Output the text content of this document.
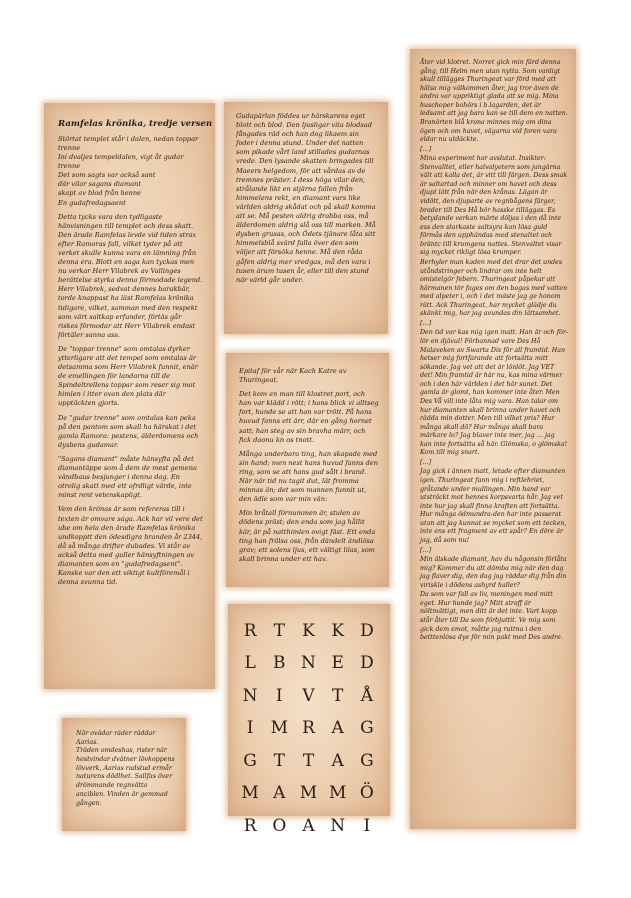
Ramfelas krönika, tredje versen
Störtat templet står i dalen, nedan toppar trenne
Ini dvaljes tempeldalen, vigt åt gudar trenne
Det som sagts var ackså sant
där vilar sagans diamant
skapt av blod från henne
En gudafredagsaent

Detta tycks vara den tydligaste hänvisningen till templet och dess skatt. Den ärade Ramfelas levde vid tiden strax efter Ramoras fall, vilket tyder på att verket skulle kunna vara en lämning från denna era. Blott en saga kan tyckas men nu verkar Herr Vilabrek av Vallinges berättelse styrka denna förmodade legend. Herr Vilabrek, sedvat dennes barakbär, torde knappast ha läst Ramfelas krönika tidigare, vilket, samman med den respekt som värt saltkap erfunder, förtäs går riskes förmodar att Herr Vilabrek endast förtäler sanna ass.

De "toppar trenne" som omtalas dyrker ytterligare att det tempel som omtalas är detsamma som Herr Vilabrek funnit, enär de emellingen för landarna till de Spindeltrellens toppar som reser sig mot himlen i itter ovan den plats där upptäckten gjorts.

De "gudar trenne" som omtalas kan peka på den pantom som skall ha härskat i det gamla Ramora: pestens, älderdomens och dysbens gudamar.

"Sagans diamant" måste hänsyfta på det diamantäppe som å dem de mest gemena vändbaus besjunger i denna dag. En otrolig skatt med ett ofrdligt värde, inte minst rent vetenskapligt.

Vem den krönas är som refereras till i texten är omvare sága. Ack har vil vere det ube om hela den ärade Ramfelas krönika undkopptt den ödesdigra branden år 2344, då så många drifter dubades. Vi står av ackså detta med guller hänsyftningen av diamanten som en "gudafredagsent". Kanske var den ett viktigt kultföremål i denna svunna tid.

När ovädar räder räddar Aarias.
Träden omdeshas, rister när hostvindar dvätner lövkoppens
lövverk, Aarias radstud ermår naturens dödlhet. Sallfas över drömmande regnvätta anciblen. Vinden är gemmad gången.

Gudapärlan föddes ur härskarens eget blott och blod. Den ljusligar vita blodsad fångades räd och han dog likaem sin foder i denna stund. Under det natten som pikade vårt land stillades gudarnas vrede. Den lysande skatten bringades till Maeers helgedom, för att vårdas av de tremnes präster. I dess höga vilar den, strålande likt en stjärna fallen från himmelens rekt, en diamant vars like världen aldrig skådat och på skall komma att se. Må pesten aldrig drabba oss, må älderdomen aldrig slå oss till marken. Må dysben grusas, och Ödets tjänare låta sitt himmelsblå svärd falla över den som väljer att försöka henne. Må den råda gåfen aldrig mer vredgas, må den vara i tusen ärum tusen år, eller till den stund när värld går under.

Epitaf för vår när Kach Katre av Thuringeat.

Det kom en man till klostret port, och han var klädd i rött; i hans blick vi alltseg fort, hunde se att han var trött. På hans huvud fanns ett ärr, där en gång hornet satt; han steg av sin bravha märr, och fick daonu kn os tnott.

Många underbara ting, han skapade med sin hand; men nest hans huvud fanns den ring, som se att hans gud sålt i brand. När när tid nu tagit dut, lät fromma minnas än; det som mannen funnit ut, den ädle som var min vän:

Min bråtall förnummen är, stulen av dödens präst; den enda som jag hållit kär, är på natthimlen ovigt fäst. Ett enda ting han frälsa oss, från dändelt ändlösa grav; ett solens ljus, ett vältigt lilas, som skall brinna under ett hav.

R T K K D
L B N E D
N	I	V T Å
I M R A G
G T T A G
M A M M Ö
R O A N	I

Åter vid klotret. Norret gick min färd denna gång, till Helm men utan nytta. Som vanligt skull tillägges Thuringeat var förd med att hälsa mig välkommen åter, jag tror även de andra var uppriktigt glada att se mig. Mina huschoper bohörs i b.lagarden, det är ledsamt att jag bara kan se till dem en natten. Branörten blå krona minnes mig om dina ögen och om havet, vägarna vid foren vara eldar nu utdäckte.

[…]

Mina experiment har avslutat. Insikter: Stenvalltet, eller halvalyetern som jangärna vält att kalla det, är vitt till färgen. Dess smak är saltartad och minner om havet och dess djupt lätt från när den krånas. Lägan är vidött, den djuparte av regnbågens färger, brader till Des Hå bör hasske tilläggas. Es betydande verkan märte döljas i den då inte ess den starkaste saltsyra kan lösa guld förmås den upphändas med stenaltet och bräntc till krumgens nattes. Stenvaltet visar sig mycket rikligt lösa krumper.

Berhyler man kaden med det drar det undes utåndstringer och lindrar om inte helt omistelgör febern. Thuringeat påpekar att härmanen tör fages om den bagas med vatten med alpeter i, och i det mäste jag ge honom rätt. Ack Thuringeat, har mycket glädje du skänkt mig, har jag avundas din lättsamhet.

[…]

Den tid var kas mig igen inatt. Han är och för-lör en djävul! Förbannad vare Des Hå Malaveken av Swarta Dis för all framtid. Han hetser mig fortfarande att fortsätta mitt sökande. Jag vet att det är lönlöt. Jag VET det! Min framtid är här nu, kas mina värmer och i den här världen i det här sunet. Det gamla är glomt, han kommer inte åter. Men Des Vå vill inte låta mig vara. Han talar om hur diamanten skall brinna under havet och rädda min dotter. Men till vilket pris? Hur många skall dö? Hur många skall bara märkare lo? Jag blaver inte mer, jag … jag kan inte fortsätta så här. Glömska, o glömska! Kom till mig snart.

[…]

Jag gick i ännen inatt, letade efter diamanten igen. Thuringeat fann mig i reftlehriet, gråtande under mullingen. Min hand var utsträckt mot hennes korpsvarta hår. Jag vet inte hur jag skall finna kraften att fortsätta. Hur många ödmundra-den har inte passerat utan att jag kunnat se mycket som ett tecken, inte ens ett fragment av ett spår? En döre är jag, då som nu!

[…]

Min älskade diamant, hav du någonsin förlåta mig? Kommer du att dömba mig när den dag jag flaver dig, den dag jag räddar dig från din viriskle i dödens ashyrd haller?

Da som var fall av liv, meningen med mitt eget. Hur hunde jag? Mitt straff är nöltmättigt, men ditt är det inte. Vart kopp står åter till Da som förbjuttit. Ve mig som gick dem emot, måtte jag ruttna i den betttenlösa dye för min pakt med Des andre.
